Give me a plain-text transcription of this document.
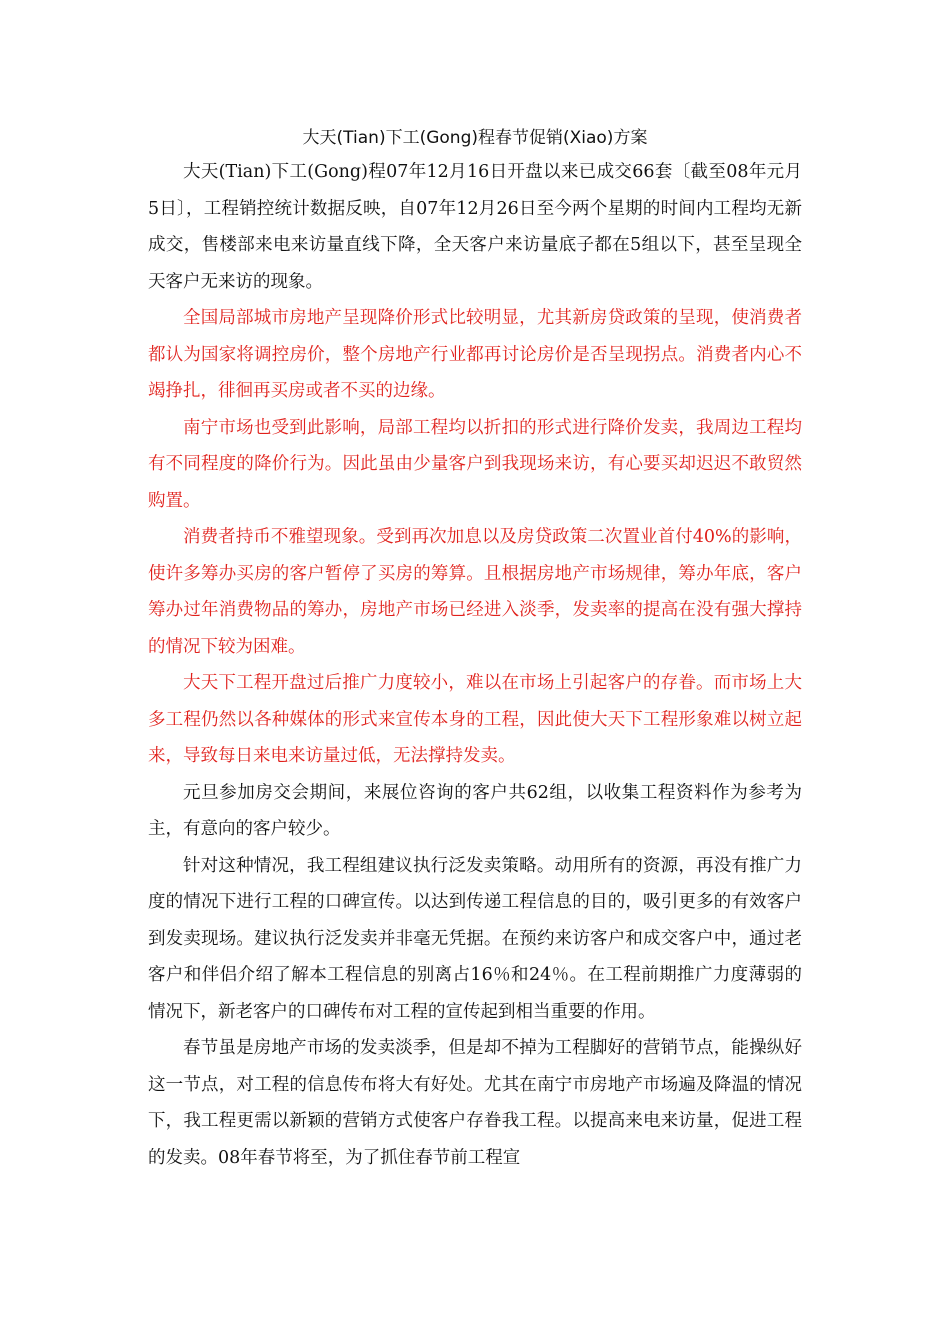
大天(Tian)下工(Gong)程春节促销(Xiao)方案

大天(Tian)下工(Gong)程07年12月16日开盘以来已成交66套〔截至08年元月5日〕，工程销控统计数据反映，自07年12月26日至今两个星期的时间内工程均无新成交，售楼部来电来访量直线下降，全天客户来访量底子都在5组以下，甚至呈现全天客户无来访的现象。

全国局部城市房地产呈现降价形式比较明显，尤其新房贷政策的呈现，使消费者都认为国家将调控房价，整个房地产行业都再讨论房价是否呈现拐点。消费者内心不竭挣扎，徘徊再买房或者不买的边缘。

南宁市场也受到此影响，局部工程均以折扣的形式进行降价发卖，我周边工程均有不同程度的降价行为。因此虽由少量客户到我现场来访，有心要买却迟迟不敢贸然购置。

消费者持币不雅望现象。受到再次加息以及房贷政策二次置业首付40%的影响，使许多筹办买房的客户暂停了买房的筹算。且根据房地产市场规律，筹办年底，客户筹办过年消费物品的筹办，房地产市场已经进入淡季，发卖率的提高在没有强大撑持的情况下较为困难。

大天下工程开盘过后推广力度较小，难以在市场上引起客户的存眷。而市场上大多工程仍然以各种媒体的形式来宣传本身的工程，因此使大天下工程形象难以树立起来，导致每日来电来访量过低，无法撑持发卖。

元旦参加房交会期间，来展位咨询的客户共62组，以收集工程资料作为参考为主，有意向的客户较少。

针对这种情况，我工程组建议执行泛发卖策略。动用所有的资源，再没有推广力度的情况下进行工程的口碑宣传。以达到传递工程信息的目的，吸引更多的有效客户到发卖现场。建议执行泛发卖并非毫无凭据。在预约来访客户和成交客户中，通过老客户和伴侣介绍了解本工程信息的别离占16％和24％。在工程前期推广力度薄弱的情况下，新老客户的口碑传布对工程的宣传起到相当重要的作用。

春节虽是房地产市场的发卖淡季，但是却不掉为工程脚好的营销节点，能操纵好这一节点，对工程的信息传布将大有好处。尤其在南宁市房地产市场遍及降温的情况下，我工程更需以新颖的营销方式使客户存眷我工程。以提高来电来访量，促进工程的发卖。08年春节将至，为了抓住春节前工程宣
